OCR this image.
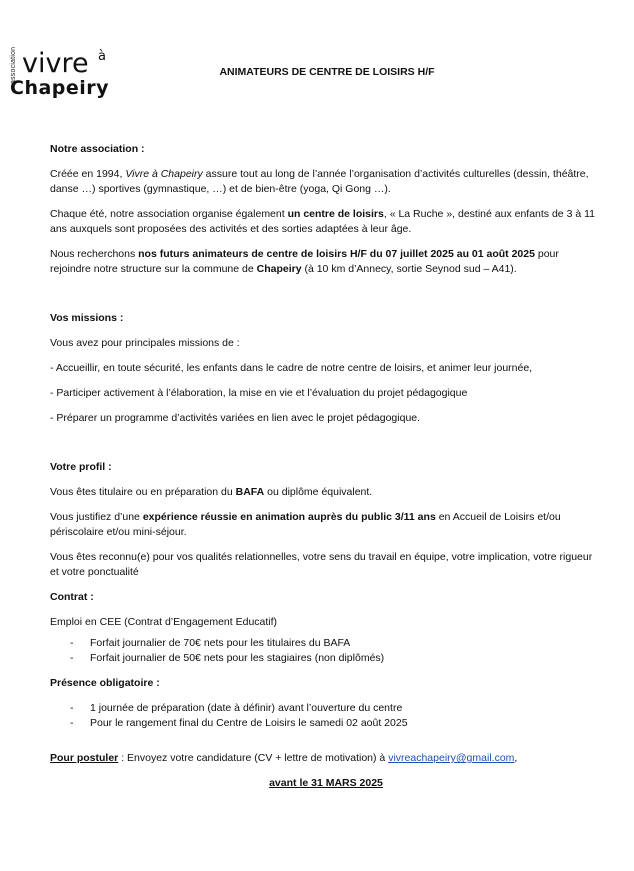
association vivre à
Chapeiry
ANIMATEURS DE CENTRE DE LOISIRS H/F

Notre association :

Créée en 1994, Vivre à Chapeiry assure tout au long de l’année l’organisation d’activités culturelles (dessin, théâtre, danse …) sportives (gymnastique, …) et de bien-être (yoga, Qi Gong …).

Chaque été, notre association organise également un centre de loisirs, « La Ruche », destiné aux enfants de 3 à 11 ans auxquels sont proposées des activités et des sorties adaptées à leur âge.

Nous recherchons nos futurs animateurs de centre de loisirs H/F du 07 juillet 2025 au 01 août 2025 pour rejoindre notre structure sur la commune de Chapeiry (à 10 km d’Annecy, sortie Seynod sud – A41).

Vos missions :

Vous avez pour principales missions de :

- Accueillir, en toute sécurité, les enfants dans le cadre de notre centre de loisirs, et animer leur journée,

- Participer activement à l’élaboration, la mise en vie et l’évaluation du projet pédagogique

- Préparer un programme d’activités variées en lien avec le projet pédagogique.

Votre profil :

Vous êtes titulaire ou en préparation du BAFA ou diplôme équivalent.

Vous justifiez d’une expérience réussie en animation auprès du public 3/11 ans en Accueil de Loisirs et/ou périscolaire et/ou mini-séjour.

Vous êtes reconnu(e) pour vos qualités relationnelles, votre sens du travail en équipe, votre implication, votre rigueur et votre ponctualité

Contrat :

Emploi en CEE (Contrat d’Engagement Educatif)

- Forfait journalier de 70€ nets pour les titulaires du BAFA

- Forfait journalier de 50€ nets pour les stagiaires (non diplômés)

Présence obligatoire :

- 1 journée de préparation (date à définir) avant l’ouverture du centre

- Pour le rangement final du Centre de Loisirs le samedi 02 août 2025

Pour postuler : Envoyez votre candidature (CV + lettre de motivation) à vivreachapeiry@gmail.com,

avant le 31 MARS 2025
